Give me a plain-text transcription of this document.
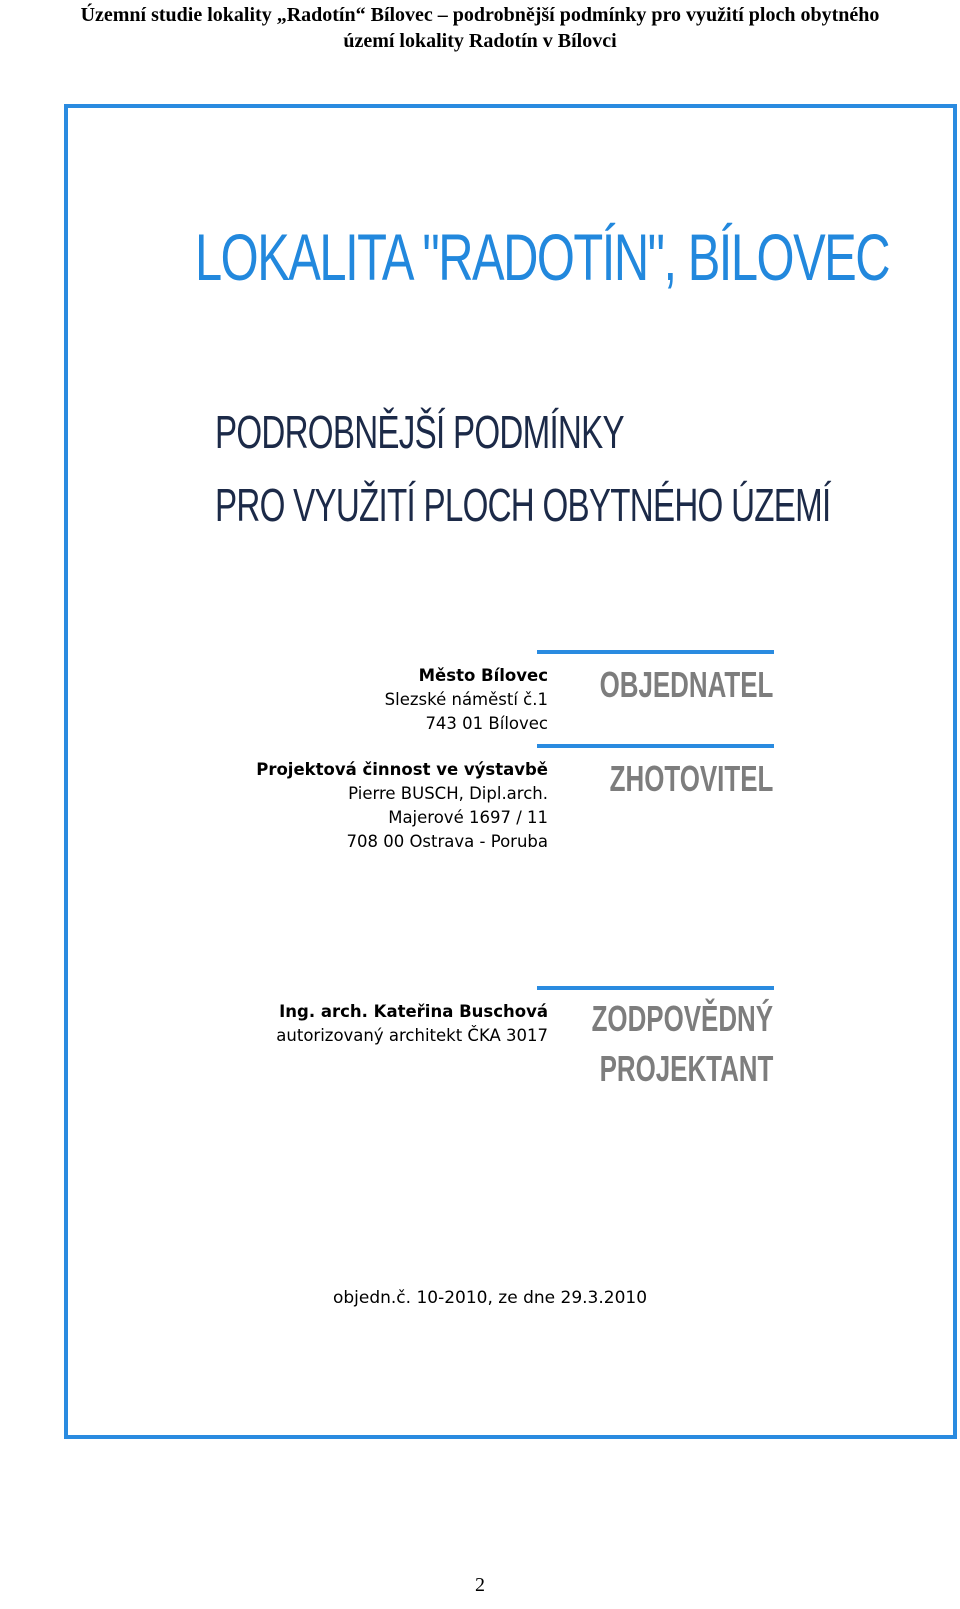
Územní studie lokality „Radotín“ Bílovec – podrobnější podmínky pro využití ploch obytného
území lokality Radotín v Bílovci
LOKALITA "RADOTÍN", BÍLOVEC
PODROBNĚJŠÍ PODMÍNKY
PRO VYUŽITÍ PLOCH OBYTNÉHO ÚZEMÍ
Město Bílovec
Slezské náměstí č.1
743 01 Bílovec
OBJEDNATEL
Projektová činnost ve výstavbě
Pierre BUSCH, Dipl.arch.
Majerové 1697 / 11
708 00 Ostrava - Poruba
ZHOTOVITEL
Ing. arch. Kateřina Buschová
autorizovaný architekt ČKA 3017 ZODPOVĚDNÝ
PROJEKTANT
objedn.č. 10-2010, ze dne 29.3.2010
2
